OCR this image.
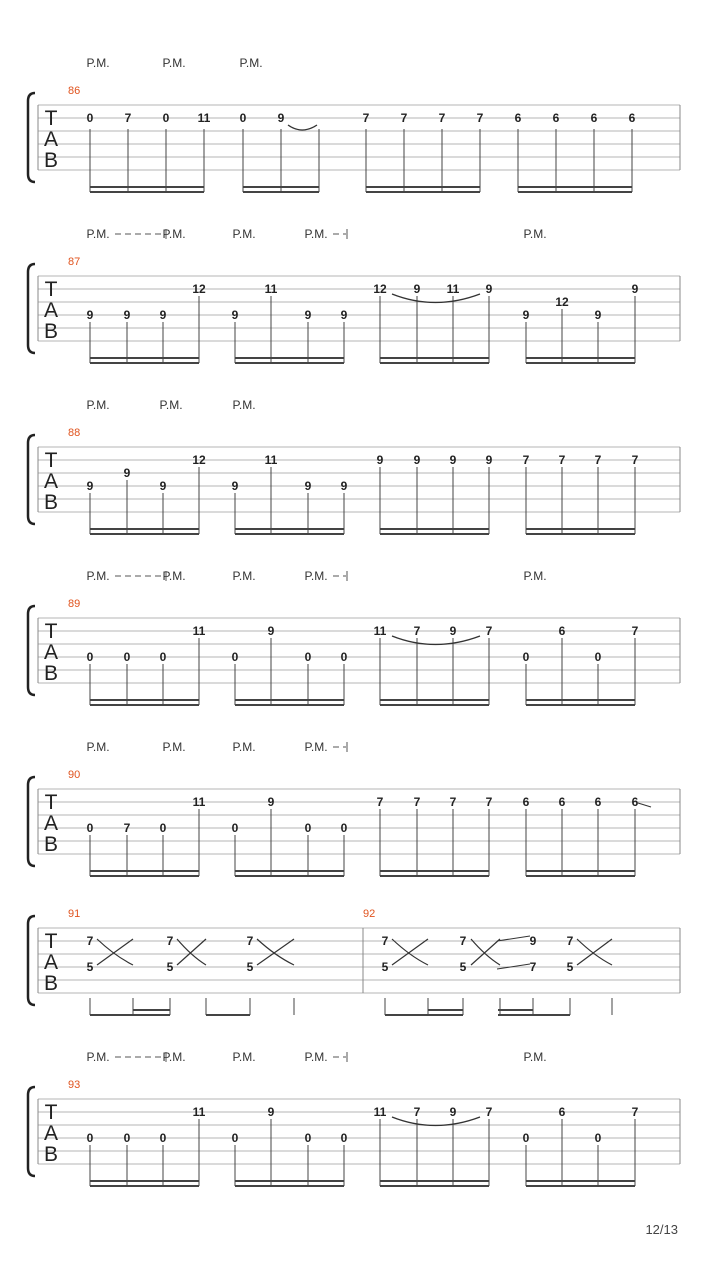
T
A
B
P.M.	P.M.	P.M.
86
0	7	0 11 0	9	7	7	7	7	6	6	6	6
T
A
B
P.M.	P.M.	P.M.	P.M.	P.M.
87
9	9 9
12
9
11
9 9
12 9 11 9
9
12
9
9
T
A
B
P.M.	P.M.	P.M.
88
9
9
9
12
9
11
9 9
9	9 9 9	7 7 7	7
T
A
B
P.M.	P.M.	P.M.	P.M.	P.M.
89
0	0 0
11
0
9
0 0
11 7 9 7
0
6
0
7
T
A
B
P.M.	P.M.	P.M.	P.M.
90
0	7 0
11
0
9
0 0
7	7 7 7	6 6 6	6
T
A
B
91	92
7
5
7
5
7
5
7
5
7
5
9
7
7
5
T
A
B
P.M.	P.M.	P.M.	P.M.	P.M.
93
0	0 0
11
0
9
0 0
11 7 9 7
0
6
0
7
12/13
